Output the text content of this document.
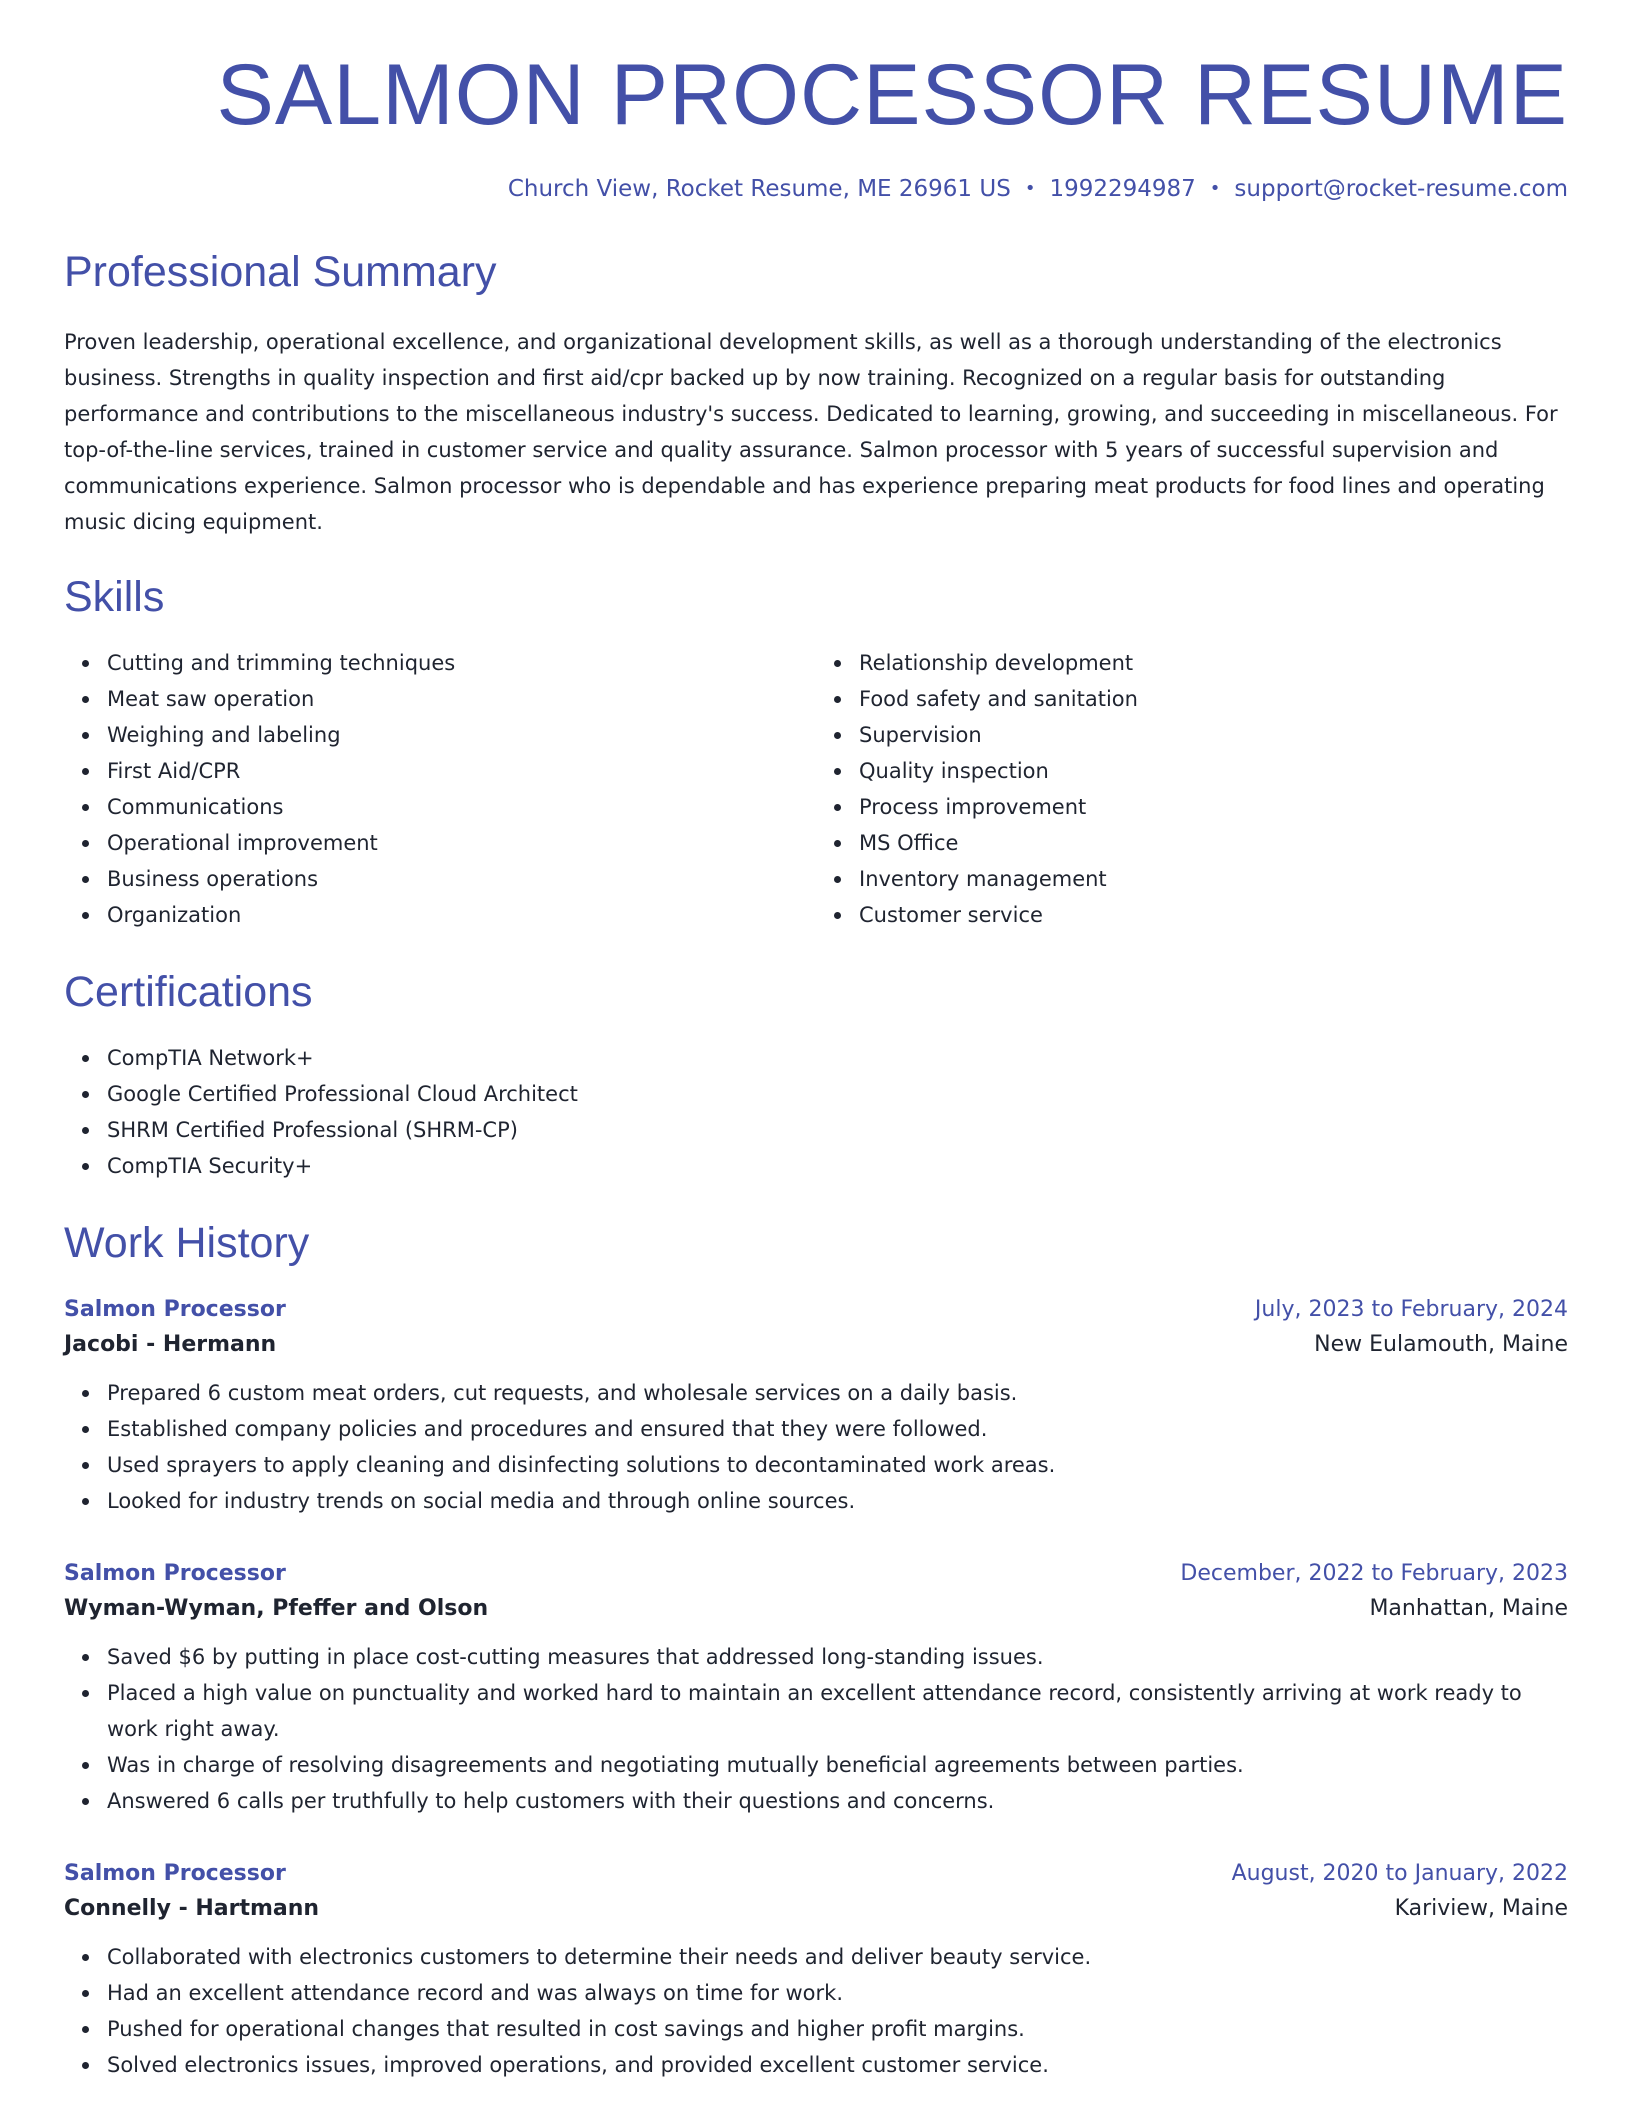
SALMON PROCESSOR RESUME
Church View, Rocket Resume, ME 26961 US • 1992294987 • support@rocket-resume.com
Professional Summary
Proven leadership, operational excellence, and organizational development skills, as well as a thorough understanding of the electronics business. Strengths in quality inspection and first aid/cpr backed up by now training. Recognized on a regular basis for outstanding performance and contributions to the miscellaneous industry's success. Dedicated to learning, growing, and succeeding in miscellaneous. For top-of-the-line services, trained in customer service and quality assurance. Salmon processor with 5 years of successful supervision and communications experience. Salmon processor who is dependable and has experience preparing meat products for food lines and operating music dicing equipment.
Skills
Cutting and trimming techniques
Meat saw operation
Weighing and labeling
First Aid/CPR
Communications
Operational improvement
Business operations
Organization
Relationship development
Food safety and sanitation
Supervision
Quality inspection
Process improvement
MS Office
Inventory management
Customer service
Certifications
CompTIA Network+
Google Certified Professional Cloud Architect
SHRM Certified Professional (SHRM-CP)
CompTIA Security+
Work History
Salmon Processor	July, 2023 to February, 2024
Jacobi - Hermann	New Eulamouth, Maine
Prepared 6 custom meat orders, cut requests, and wholesale services on a daily basis.
Established company policies and procedures and ensured that they were followed.
Used sprayers to apply cleaning and disinfecting solutions to decontaminated work areas.
Looked for industry trends on social media and through online sources.
Salmon Processor	December, 2022 to February, 2023
Wyman-Wyman, Pfeffer and Olson	Manhattan, Maine
Saved $6 by putting in place cost-cutting measures that addressed long-standing issues.
Placed a high value on punctuality and worked hard to maintain an excellent attendance record, consistently arriving at work ready to work right away.
Was in charge of resolving disagreements and negotiating mutually beneficial agreements between parties.
Answered 6 calls per truthfully to help customers with their questions and concerns.
Salmon Processor	August, 2020 to January, 2022
Connelly - Hartmann	Kariview, Maine
Collaborated with electronics customers to determine their needs and deliver beauty service.
Had an excellent attendance record and was always on time for work.
Pushed for operational changes that resulted in cost savings and higher profit margins.
Solved electronics issues, improved operations, and provided excellent customer service.
